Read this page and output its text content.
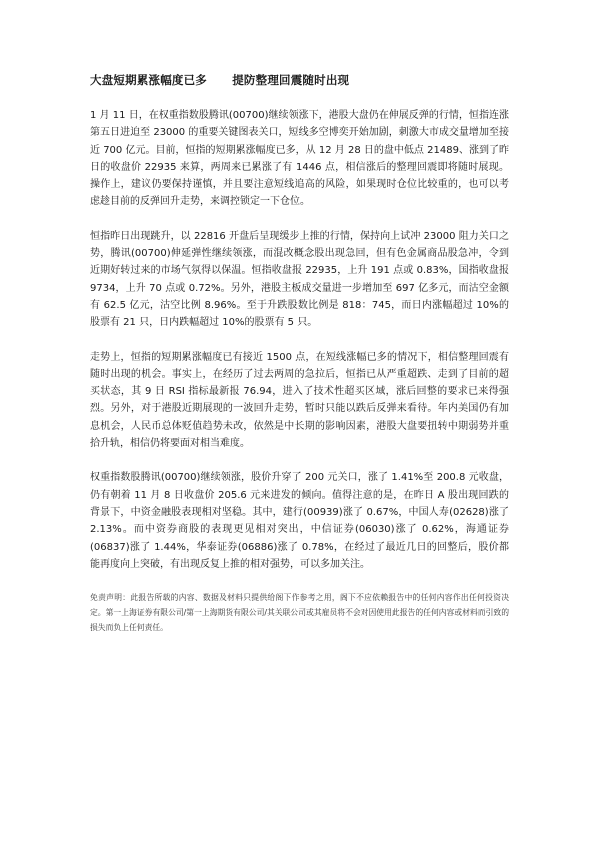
大盘短期累涨幅度已多      提防整理回震随时出现

1 月 11 日，在权重指数股腾讯(00700)继续领涨下，港股大盘仍在伸展反弹的行情，恒指连涨第五日进迫至 23000 的重要关键图表关口，短线多空博奕开始加剧，刺激大市成交量增加至接近 700 亿元。目前，恒指的短期累涨幅度已多，从 12 月 28 日的盘中低点 21489、涨到了昨日的收盘价 22935 来算，两周来已累涨了有 1446 点，相信涨后的整理回震即将随时展现。操作上，建议仍要保持谨慎，并且要注意短线追高的风险，如果现时仓位比较重的，也可以考虑趁目前的反弹回升走势，来调控锁定一下仓位。

恒指昨日出现跳升，以 22816 开盘后呈现缓步上推的行情，保持向上试冲 23000 阻力关口之势，腾讯(00700)伸延弹性继续领涨，而混改概念股出现急回，但有色金属商品股急冲，令到近期好转过来的市场气氛得以保温。恒指收盘报 22935，上升 191 点或 0.83%，国指收盘报 9734，上升 70 点或 0.72%。另外，港股主板成交量进一步增加至 697 亿多元，而沽空金额有 62.5 亿元，沽空比例 8.96%。至于升跌股数比例是 818：745，而日内涨幅超过 10%的股票有 21 只，日内跌幅超过 10%的股票有 5 只。

走势上，恒指的短期累涨幅度已有接近 1500 点，在短线涨幅已多的情况下，相信整理回震有随时出现的机会。事实上，在经历了过去两周的急拉后，恒指已从严重超跌、走到了目前的超买状态，其 9 日 RSI 指标最新报 76.94，进入了技术性超买区域，涨后回整的要求已来得强烈。另外，对于港股近期展现的一波回升走势，暂时只能以跌后反弹来看待。年内美国仍有加息机会，人民币总体贬值趋势未改，依然是中长期的影响因素，港股大盘要扭转中期弱势并重拾升轨，相信仍将要面对相当难度。

权重指数股腾讯(00700)继续领涨，股价升穿了 200 元关口，涨了 1.41%至 200.8 元收盘，仍有朝着 11 月 8 日收盘价 205.6 元来进发的倾向。值得注意的是，在昨日 A 股出现回跌的背景下，中资金融股表现相对坚稳。其中，建行(00939)涨了 0.67%，中国人寿(02628)涨了 2.13%。而中资券商股的表现更见相对突出，中信证券(06030)涨了 0.62%，海通证券(06837)涨了 1.44%，华泰证券(06886)涨了 0.78%，在经过了最近几日的回整后，股价都能再度向上突破，有出现反复上推的相对强势，可以多加关注。

免责声明：此报告所载的内容、数据及材料只提供给阁下作参考之用，阁下不应依赖报告中的任何内容作出任何投资决定。第一上海证券有限公司/第一上海期货有限公司/其关联公司或其雇员将不会对因使用此报告的任何内容或材料而引致的损失而负上任何责任。
